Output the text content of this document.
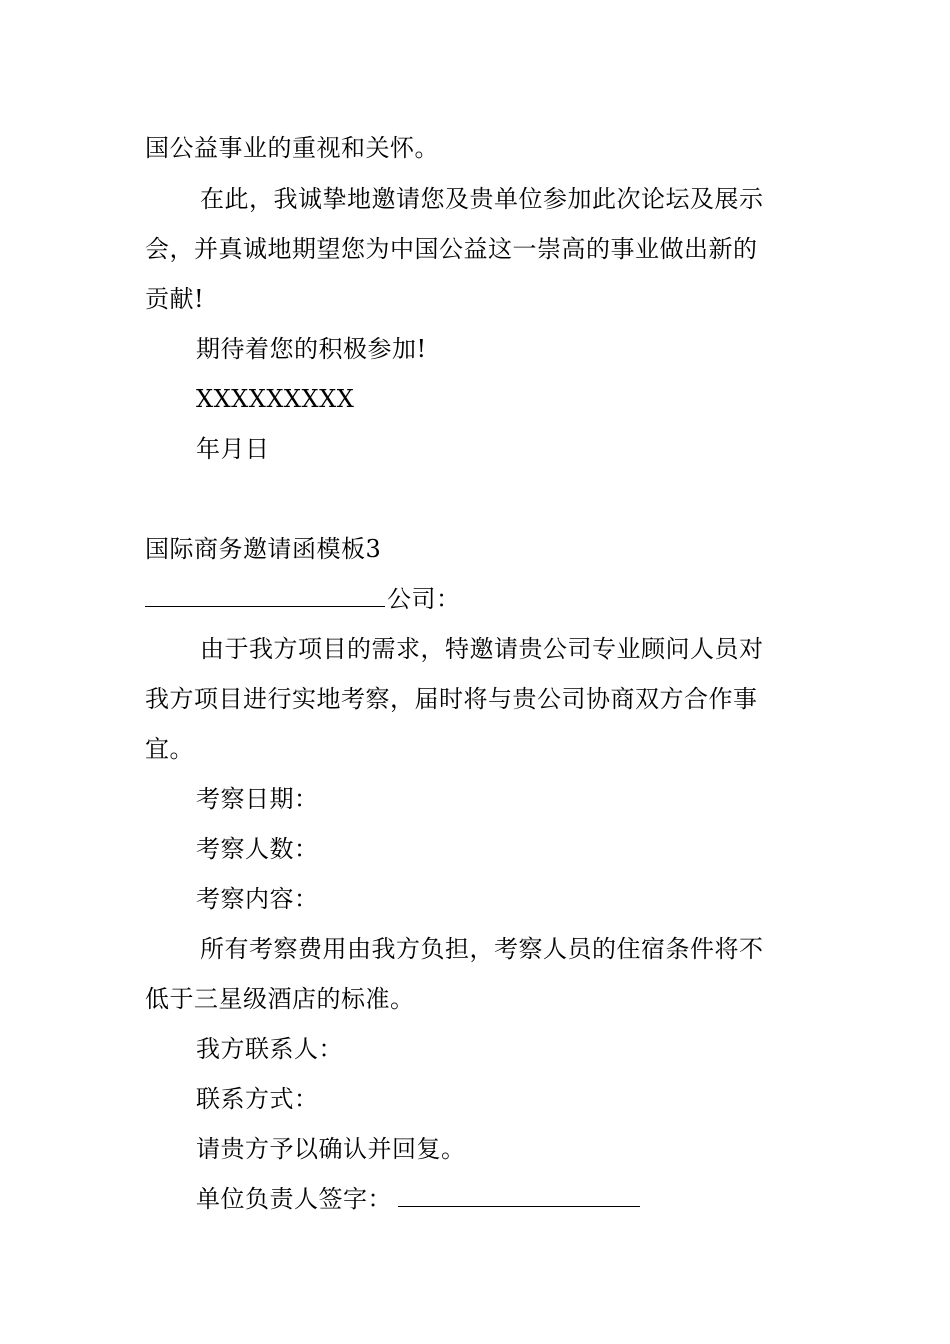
国公益事业的重视和关怀。
在此，我诚挚地邀请您及贵单位参加此次论坛及展示
会，并真诚地期望您为中国公益这一崇高的事业做出新的
贡献!
期待着您的积极参加!
XXXXXXXXX
年月日
国际商务邀请函模板3
公司：
由于我方项目的需求，特邀请贵公司专业顾问人员对
我方项目进行实地考察，届时将与贵公司协商双方合作事
宜。
考察日期：
考察人数：
考察内容：
所有考察费用由我方负担，考察人员的住宿条件将不
低于三星级酒店的标准。
我方联系人：
联系方式：
请贵方予以确认并回复。
单位负责人签字：
